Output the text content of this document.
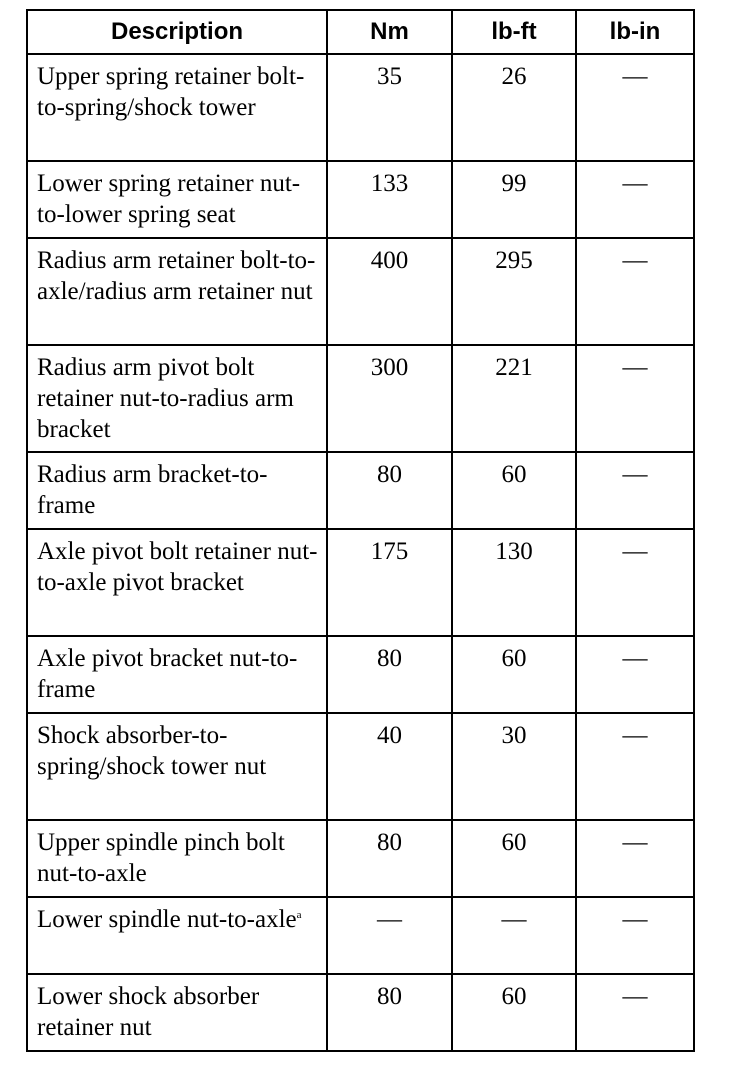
Description	Nm	lb-ft	lb-in
Upper spring retainer bolt-to-spring/shock tower	35	26	—
Lower spring retainer nut-to-lower spring seat	133	99	—
Radius arm retainer bolt-to-axle/radius arm retainer nut	400	295	—
Radius arm pivot bolt retainer nut-to-radius arm bracket	300	221	—
Radius arm bracket-to-frame	80	60	—
Axle pivot bolt retainer nut-to-axle pivot bracket	175	130	—
Axle pivot bracket nut-to-frame	80	60	—
Shock absorber-to-spring/shock tower nut	40	30	—
Upper spindle pinch bolt nut-to-axle	80	60	—
Lower spindle nut-to-axle$^a$	—	—	—
Lower shock absorber retainer nut	80	60	—
